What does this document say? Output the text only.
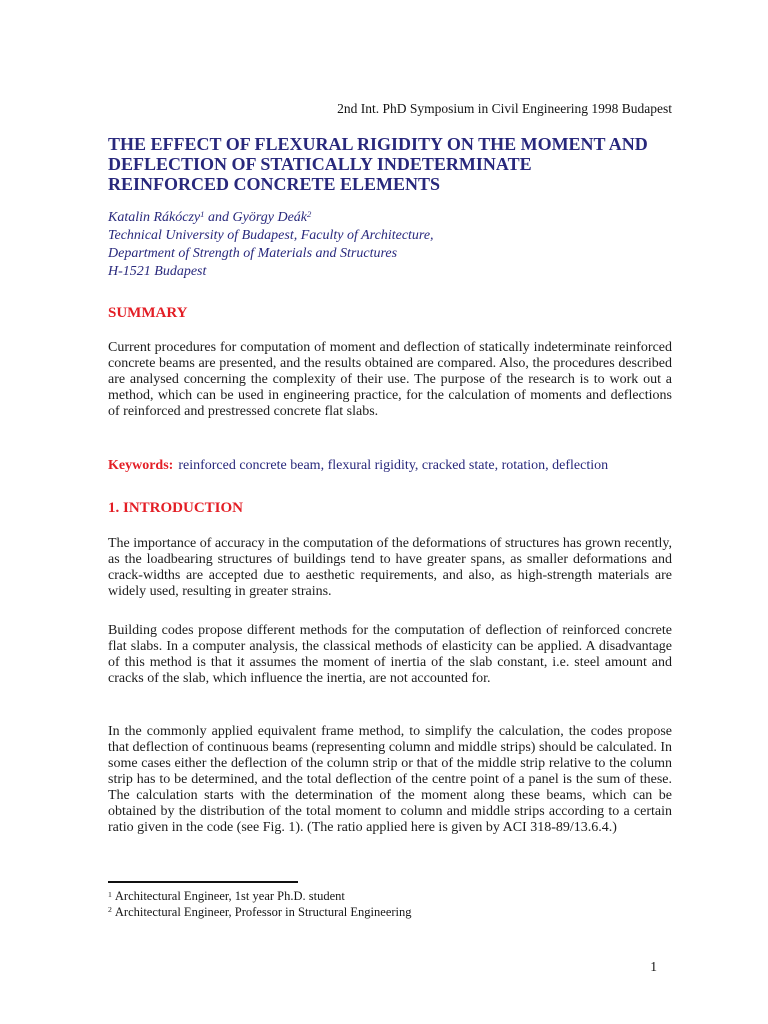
2nd Int. PhD Symposium in Civil Engineering 1998 Budapest
THE EFFECT OF FLEXURAL RIGIDITY ON THE MOMENT AND
DEFLECTION OF STATICALLY INDETERMINATE
REINFORCED CONCRETE ELEMENTS
Katalin Rákóczy$^1$ and György Deák$^2$
Technical University of Budapest, Faculty of Architecture,
Department of Strength of Materials and Structures
H-1521 Budapest
SUMMARY
Current procedures for computation of moment and deflection of statically indeterminate reinforced concrete beams are presented, and the results obtained are compared. Also, the procedures described are analysed concerning the complexity of their use. The purpose of the research is to work out a method, which can be used in engineering practice, for the calculation of moments and deflections of reinforced and prestressed concrete flat slabs.
Keywords: reinforced concrete beam, flexural rigidity, cracked state, rotation, deflection
1. INTRODUCTION
The importance of accuracy in the computation of the deformations of structures has grown recently, as the loadbearing structures of buildings tend to have greater spans, as smaller deformations and crack-widths are accepted due to aesthetic requirements, and also, as high-strength materials are widely used, resulting in greater strains.
Building codes propose different methods for the computation of deflection of reinforced concrete flat slabs. In a computer analysis, the classical methods of elasticity can be applied. A disadvantage of this method is that it assumes the moment of inertia of the slab constant, i.e. steel amount and cracks of the slab, which influence the inertia, are not accounted for.
In the commonly applied equivalent frame method, to simplify the calculation, the codes propose that deflection of continuous beams (representing column and middle strips) should be calculated. In some cases either the deflection of the column strip or that of the middle strip relative to the column strip has to be determined, and the total deflection of the centre point of a panel is the sum of these. The calculation starts with the determination of the moment along these beams, which can be obtained by the distribution of the total moment to column and middle strips according to a certain ratio given in the code (see Fig. 1). (The ratio applied here is given by ACI 318-89/13.6.4.)
$^1$ Architectural Engineer, 1st year Ph.D. student
$^2$ Architectural Engineer, Professor in Structural Engineering
1
